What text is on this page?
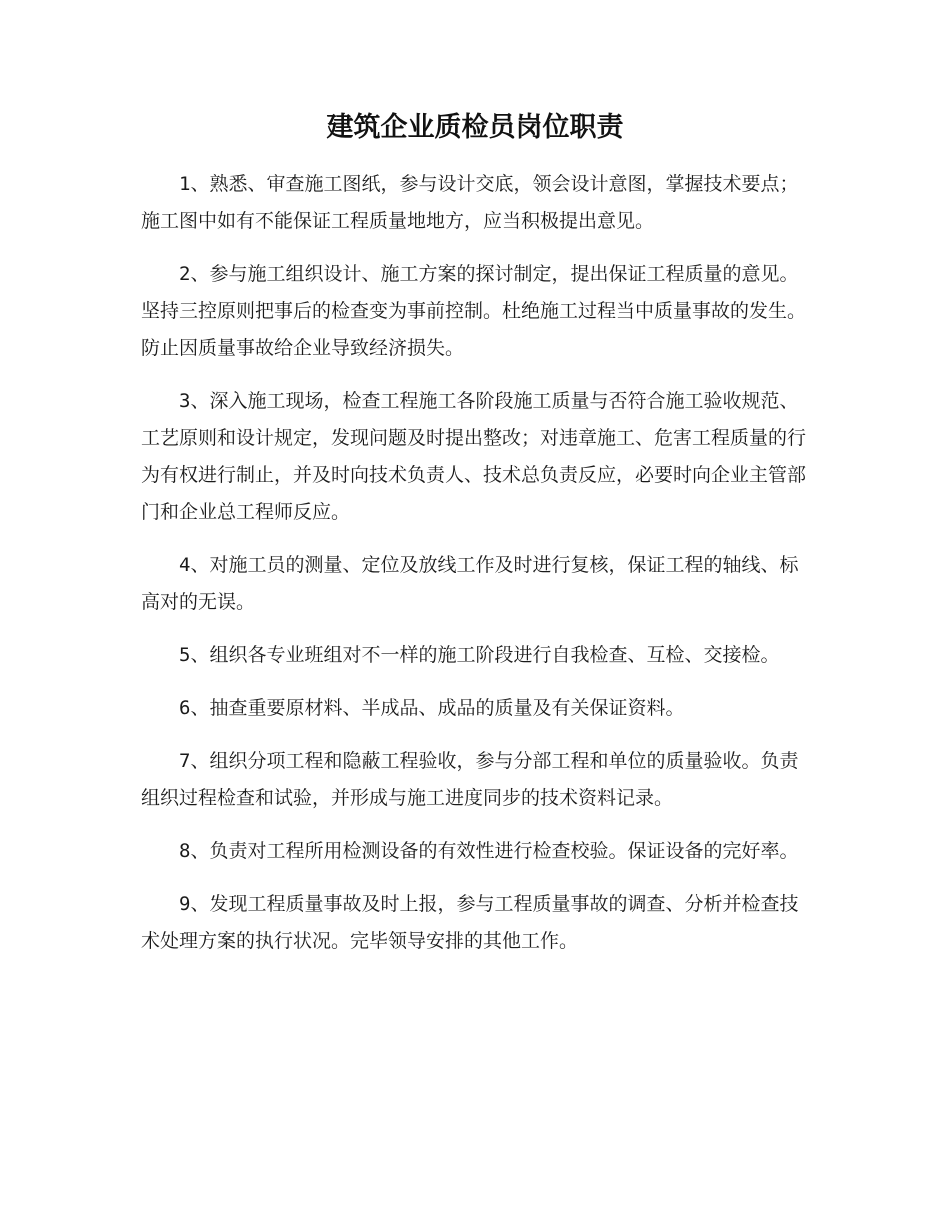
建筑企业质检员岗位职责

1、熟悉、审查施工图纸，参与设计交底，领会设计意图，掌握技术要点；施工图中如有不能保证工程质量地地方，应当积极提出意见。

2、参与施工组织设计、施工方案的探讨制定，提出保证工程质量的意见。坚持三控原则把事后的检查变为事前控制。杜绝施工过程当中质量事故的发生。防止因质量事故给企业导致经济损失。

3、深入施工现场，检查工程施工各阶段施工质量与否符合施工验收规范、工艺原则和设计规定，发现问题及时提出整改；对违章施工、危害工程质量的行为有权进行制止，并及时向技术负责人、技术总负责反应，必要时向企业主管部门和企业总工程师反应。

4、对施工员的测量、定位及放线工作及时进行复核，保证工程的轴线、标高对的无误。

5、组织各专业班组对不一样的施工阶段进行自我检查、互检、交接检。

6、抽查重要原材料、半成品、成品的质量及有关保证资料。

7、组织分项工程和隐蔽工程验收，参与分部工程和单位的质量验收。负责组织过程检查和试验，并形成与施工进度同步的技术资料记录。

8、负责对工程所用检测设备的有效性进行检查校验。保证设备的完好率。

9、发现工程质量事故及时上报，参与工程质量事故的调查、分析并检查技术处理方案的执行状况。完毕领导安排的其他工作。
